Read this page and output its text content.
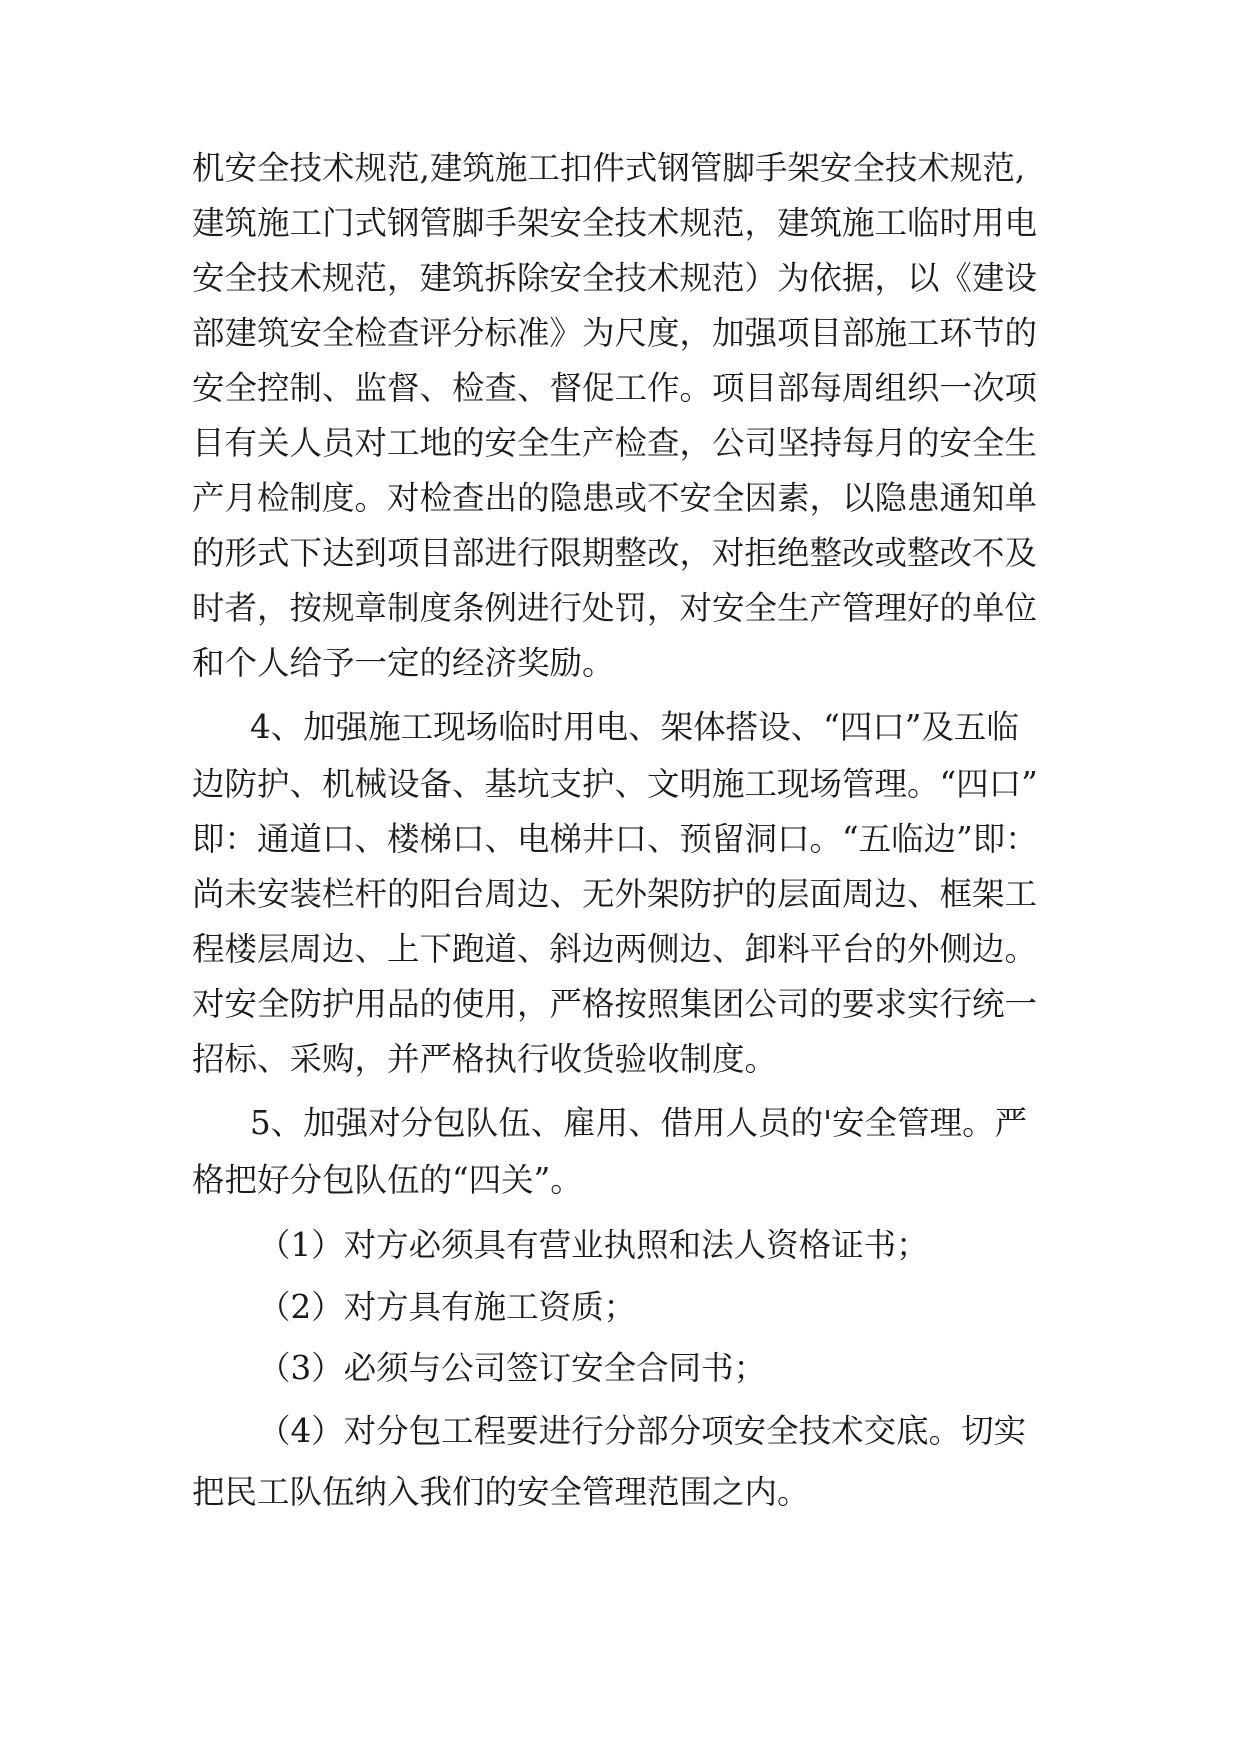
机安全技术规范,建筑施工扣件式钢管脚手架安全技术规范,
建筑施工门式钢管脚手架安全技术规范，建筑施工临时用电
安全技术规范，建筑拆除安全技术规范）为依据，以《建设
部建筑安全检查评分标准》为尺度，加强项目部施工环节的
安全控制、监督、检查、督促工作。项目部每周组织一次项
目有关人员对工地的安全生产检查，公司坚持每月的安全生
产月检制度。对检查出的隐患或不安全因素，以隐患通知单
的形式下达到项目部进行限期整改，对拒绝整改或整改不及
时者，按规章制度条例进行处罚，对安全生产管理好的单位
和个人给予一定的经济奖励。
4、加强施工现场临时用电、架体搭设、“四口”及五临
边防护、机械设备、基坑支护、文明施工现场管理。“四口”
即：通道口、楼梯口、电梯井口、预留洞口。“五临边”即：
尚未安装栏杆的阳台周边、无外架防护的层面周边、框架工
程楼层周边、上下跑道、斜边两侧边、卸料平台的外侧边。
对安全防护用品的使用，严格按照集团公司的要求实行统一
招标、采购，并严格执行收货验收制度。
5、加强对分包队伍、雇用、借用人员的'安全管理。严
格把好分包队伍的“四关”。
（1）对方必须具有营业执照和法人资格证书；
（2）对方具有施工资质；
（3）必须与公司签订安全合同书；
（4）对分包工程要进行分部分项安全技术交底。切实
把民工队伍纳入我们的安全管理范围之内。
